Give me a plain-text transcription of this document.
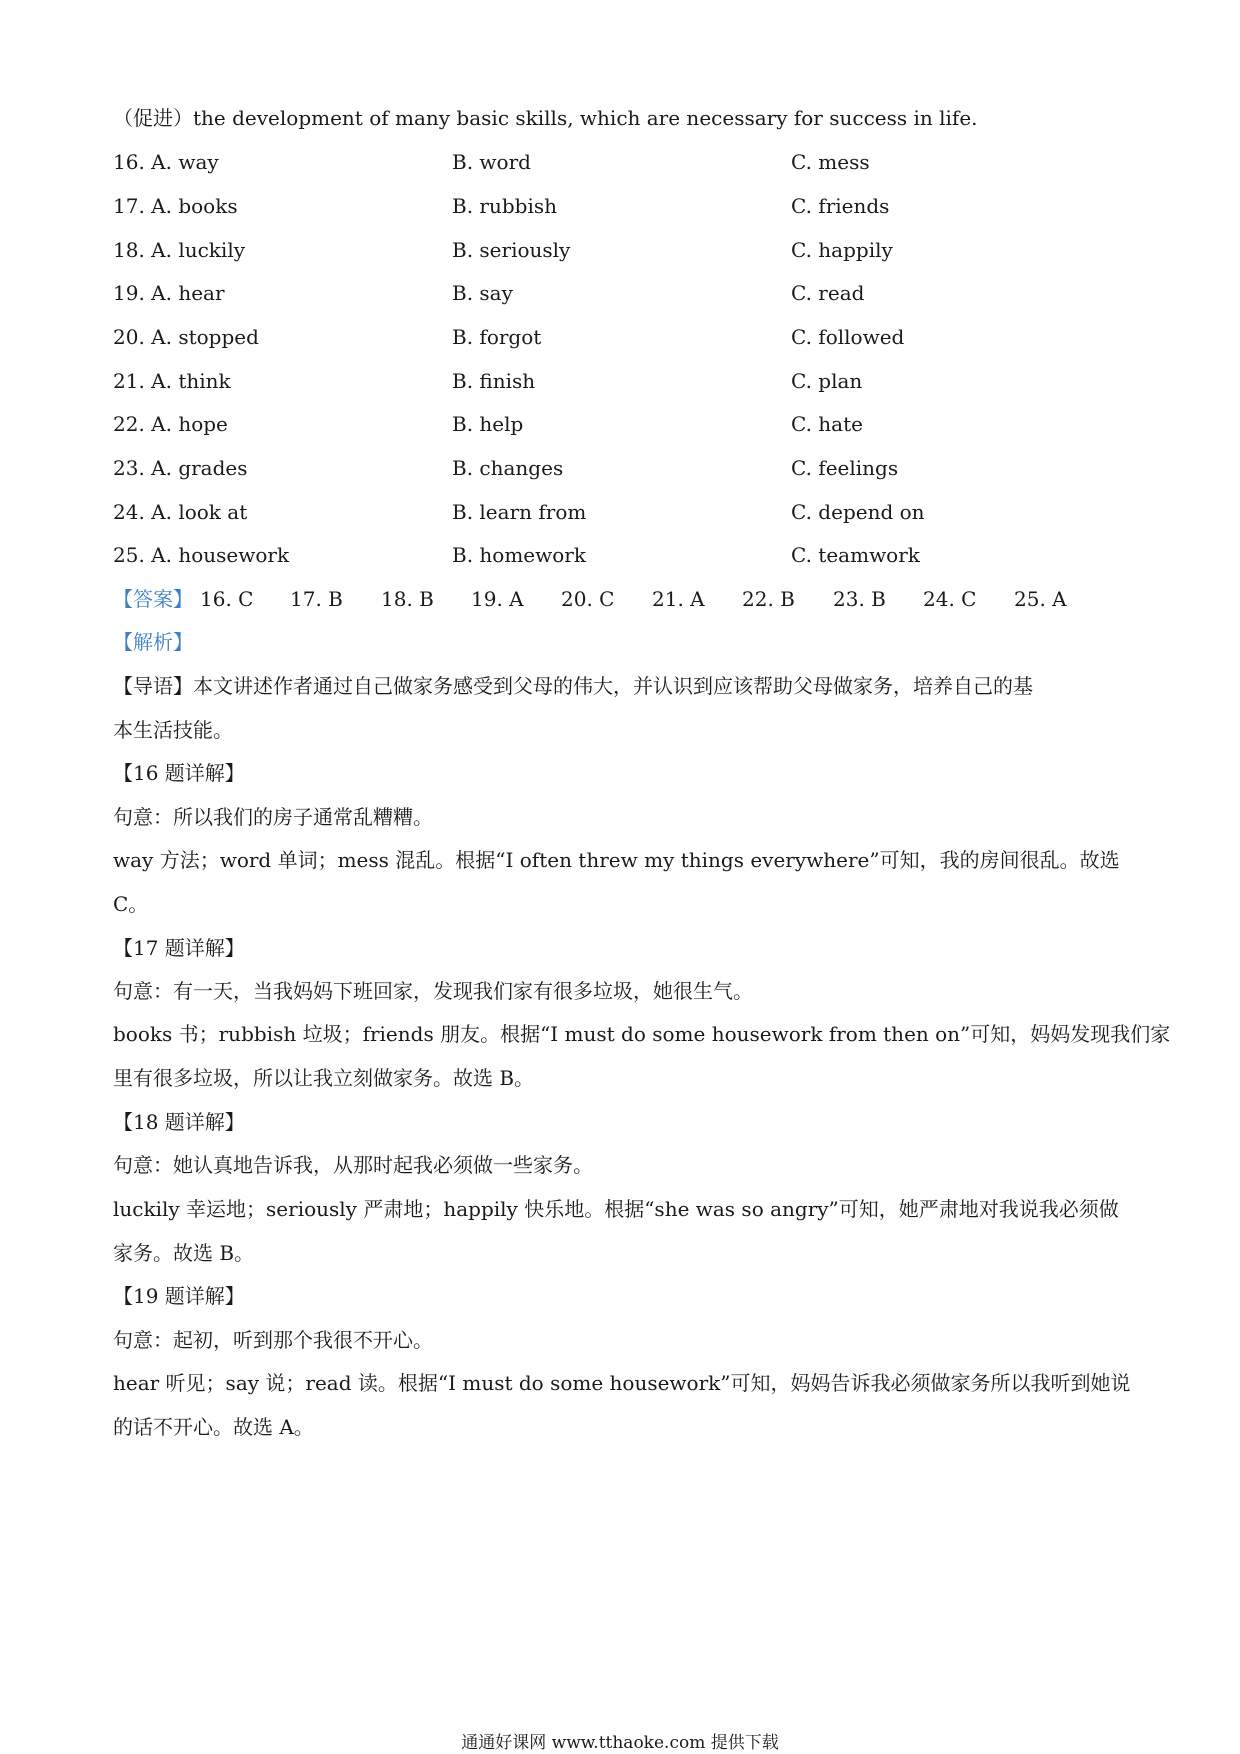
（促进）the development of many basic skills, which are necessary for success in life.
16. A. way	B. word	C. mess
17. A. books	B. rubbish	C. friends
18. A. luckily	B. seriously	C. happily
19. A. hear	B. say	C. read
20. A. stopped	B. forgot	C. followed
21. A. think	B. finish	C. plan
22. A. hope	B. help	C. hate
23. A. grades	B. changes	C. feelings
24. A. look at	B. learn from	C. depend on
25. A. housework	B. homework	C. teamwork
【答案】 16. C 17. B 18. B 19. A 20. C 21. A 22. B 23. B 24. C 25. A
【解析】
【导语】本文讲述作者通过自己做家务感受到父母的伟大，并认识到应该帮助父母做家务，培养自己的基
本生活技能。
【16 题详解】
句意：所以我们的房子通常乱糟糟。
way 方法；word 单词；mess 混乱。根据“I often threw my things everywhere”可知，我的房间很乱。故选
C。
【17 题详解】
句意：有一天，当我妈妈下班回家，发现我们家有很多垃圾，她很生气。
books 书；rubbish 垃圾；friends 朋友。根据“I must do some housework from then on”可知，妈妈发现我们家
里有很多垃圾，所以让我立刻做家务。故选 B。
【18 题详解】
句意：她认真地告诉我，从那时起我必须做一些家务。
luckily 幸运地；seriously 严肃地；happily 快乐地。根据“she was so angry”可知，她严肃地对我说我必须做
家务。故选 B。
【19 题详解】
句意：起初，听到那个我很不开心。
hear 听见；say 说；read 读。根据“I must do some housework”可知，妈妈告诉我必须做家务所以我听到她说
的话不开心。故选 A。
通通好课网 www.tthaoke.com 提供下载
